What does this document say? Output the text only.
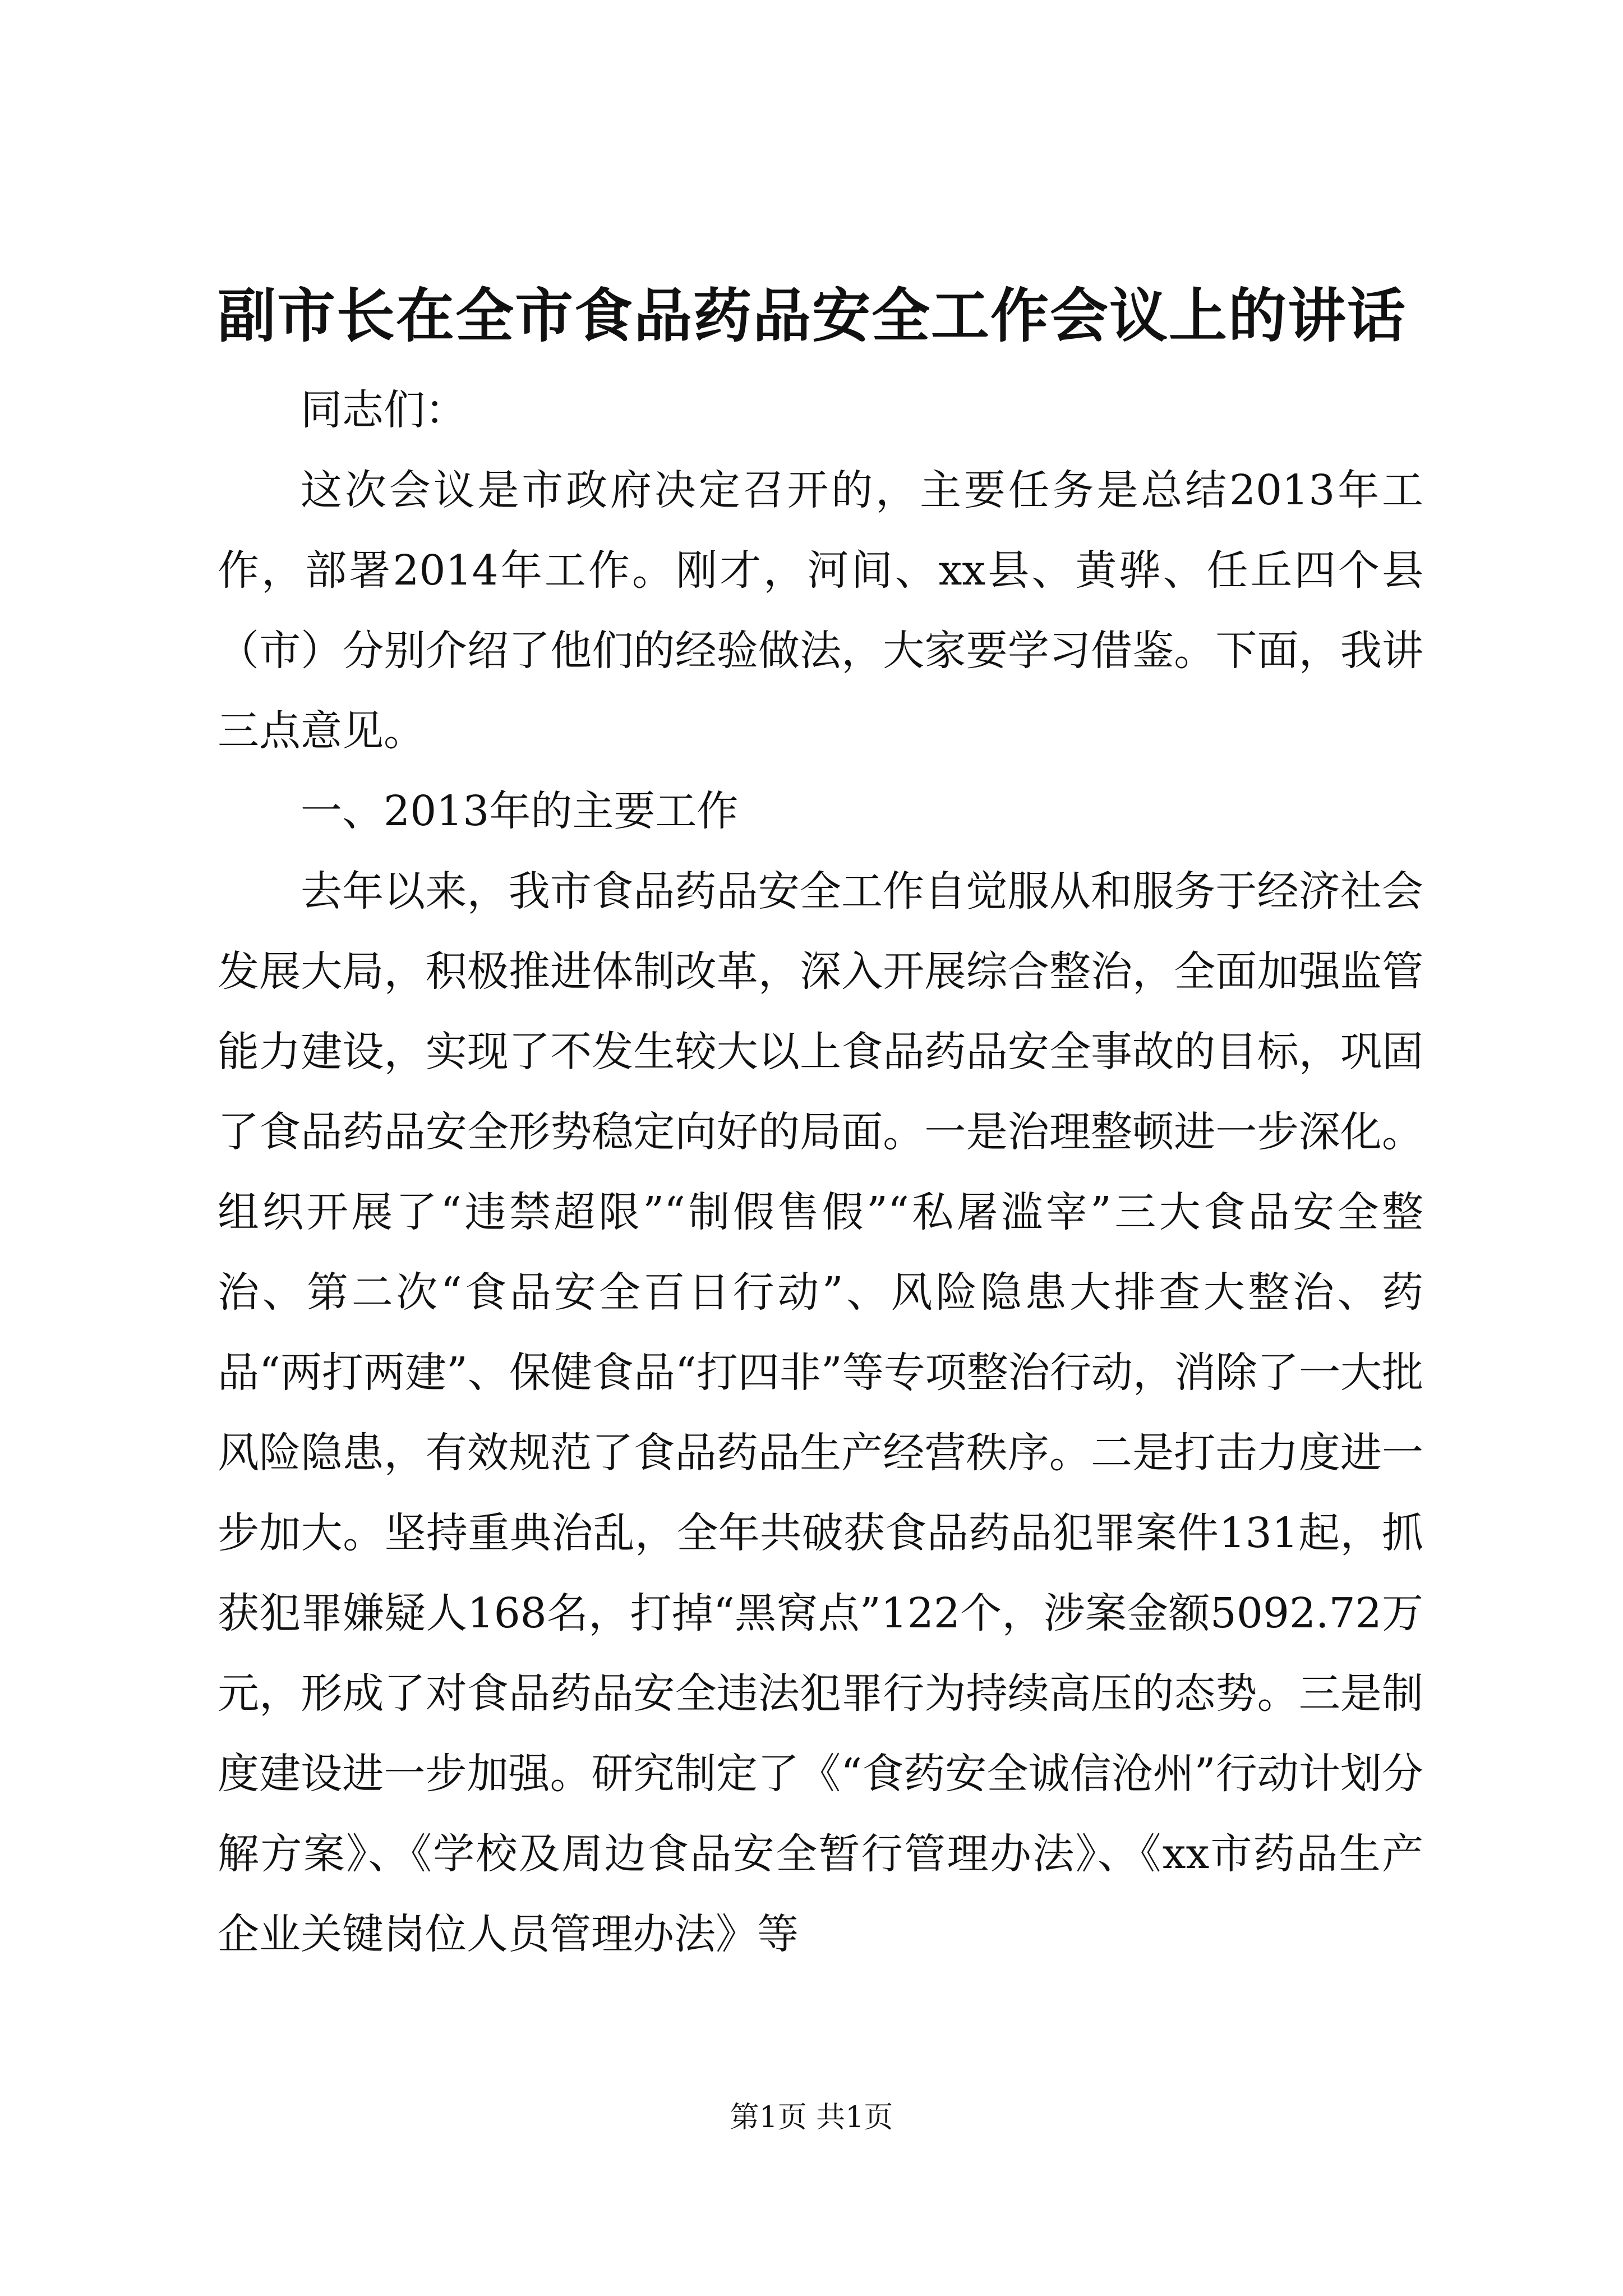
副市长在全市食品药品安全工作会议上的讲话

同志们：

这次会议是市政府决定召开的，主要任务是总结2013年工作，部署2014年工作。刚才，河间、xx县、黄骅、任丘四个县（市）分别介绍了他们的经验做法，大家要学习借鉴。下面，我讲三点意见。

一、2013年的主要工作

去年以来，我市食品药品安全工作自觉服从和服务于经济社会发展大局，积极推进体制改革，深入开展综合整治，全面加强监管能力建设，实现了不发生较大以上食品药品安全事故的目标，巩固了食品药品安全形势稳定向好的局面。一是治理整顿进一步深化。组织开展了“违禁超限”“制假售假”“私屠滥宰”三大食品安全整治、第二次“食品安全百日行动”、风险隐患大排查大整治、药品“两打两建”、保健食品“打四非”等专项整治行动，消除了一大批风险隐患，有效规范了食品药品生产经营秩序。二是打击力度进一步加大。坚持重典治乱，全年共破获食品药品犯罪案件131起，抓获犯罪嫌疑人168名，打掉“黑窝点”122个，涉案金额5092.72万元，形成了对食品药品安全违法犯罪行为持续高压的态势。三是制度建设进一步加强。研究制定了《“食药安全诚信沧州”行动计划分解方案》、《学校及周边食品安全暂行管理办法》、《xx市药品生产企业关键岗位人员管理办法》等

第1页 共1页
